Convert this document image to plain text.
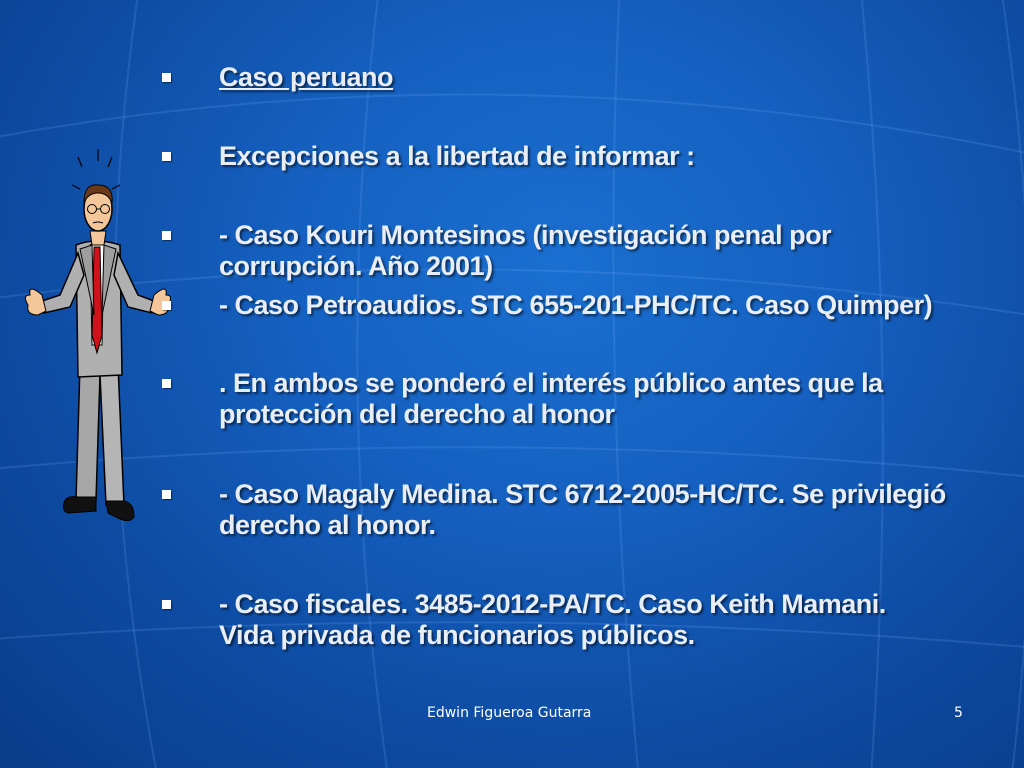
Caso peruano
Excepciones a la libertad de informar :
- Caso Kouri Montesinos (investigación penal por
corrupción. Año 2001)
- Caso Petroaudios. STC 655-201-PHC/TC. Caso Quimper)
. En ambos se ponderó el interés público antes que la
protección del derecho al honor
- Caso Magaly Medina. STC 6712-2005-HC/TC. Se privilegió
derecho al honor.
- Caso fiscales. 3485-2012-PA/TC. Caso Keith Mamani.
Vida privada de funcionarios públicos.
Edwin Figueroa Gutarra	5
